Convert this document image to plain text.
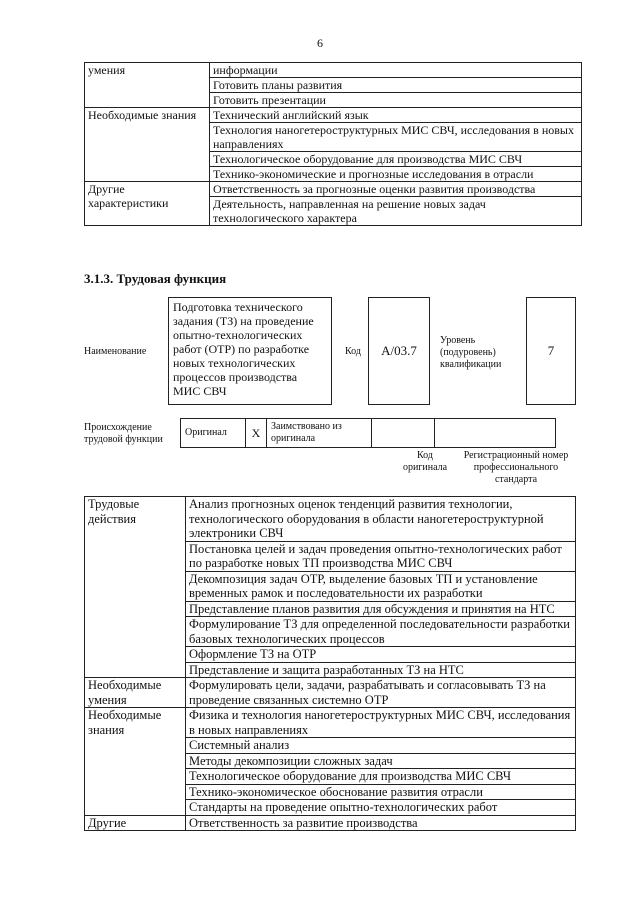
6
умения	информации
	Готовить планы развития
	Готовить презентации
Необходимые знания	Технический английский язык
	Технология наногетероструктурных МИС СВЧ, исследования в новых направлениях
	Технологическое оборудование для производства МИС СВЧ
	Технико-экономические и прогнозные исследования в отрасли
Другие характеристики	Ответственность за прогнозные оценки развития производства
	Деятельность, направленная на решение новых задач технологического характера
3.1.3. Трудовая функция
Наименование
Подготовка технического задания (ТЗ) на проведение опытно-технологических работ (ОТР) по разработке новых технологических процессов производства МИС СВЧ
Код А/03.7
Уровень (подуровень) квалификации
7
Происхождение трудовой функции
Оригинал	X	Заимствовано из оригинала		
Код оригинала
Регистрационный номер профессионального стандарта
Трудовые действия	Анализ прогнозных оценок тенденций развития технологии, технологического оборудования в области наногетероструктурной электроники СВЧ
	Постановка целей и задач проведения опытно-технологических работ по разработке новых ТП производства МИС СВЧ
	Декомпозиция задач ОТР, выделение базовых ТП и установление временных рамок и последовательности их разработки
	Представление планов развития для обсуждения и принятия на НТС
	Формулирование ТЗ для определенной последовательности разработки базовых технологических процессов
	Оформление ТЗ на ОТР
	Представление и защита разработанных ТЗ на НТС
Необходимые умения	Формулировать цели, задачи, разрабатывать и согласовывать ТЗ на проведение связанных системно ОТР
Необходимые знания	Физика и технология наногетероструктурных МИС СВЧ, исследования в новых направлениях
	Системный анализ
	Методы декомпозиции сложных задач
	Технологическое оборудование для производства МИС СВЧ
	Технико-экономическое обоснование развития отрасли
	Стандарты на проведение опытно-технологических работ
Другие	Ответственность за развитие производства
